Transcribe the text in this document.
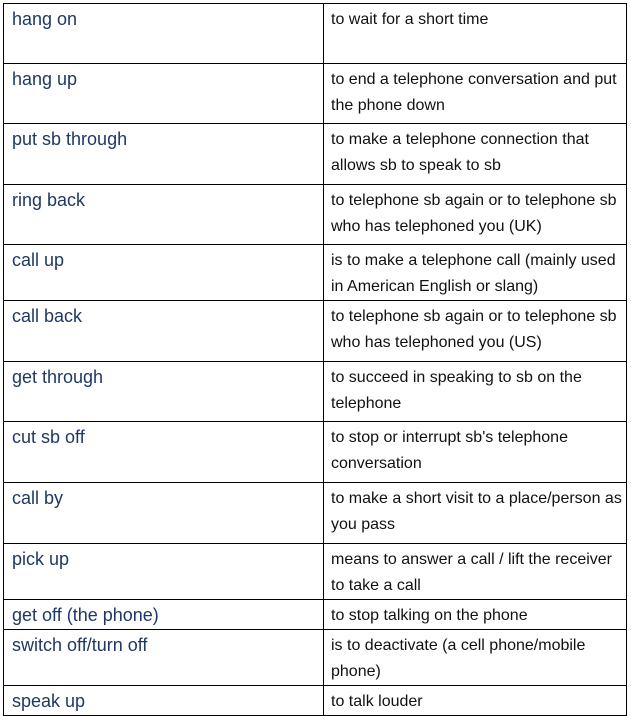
hang on	to wait for a short time
hang up	to end a telephone conversation and put the phone down
put sb through	to make a telephone connection that allows sb to speak to sb
ring back	to telephone sb again or to telephone sb who has telephoned you (UK)
call up	is to make a telephone call (mainly used in American English or slang)
call back	to telephone sb again or to telephone sb who has telephoned you (US)
get through	to succeed in speaking to sb on the telephone
cut sb off	to stop or interrupt sb's telephone conversation
call by	to make a short visit to a place/person as you pass
pick up	means to answer a call / lift the receiver to take a call
get off (the phone)	to stop talking on the phone
switch off/turn off	is to deactivate (a cell phone/mobile phone)
speak up	to talk louder
